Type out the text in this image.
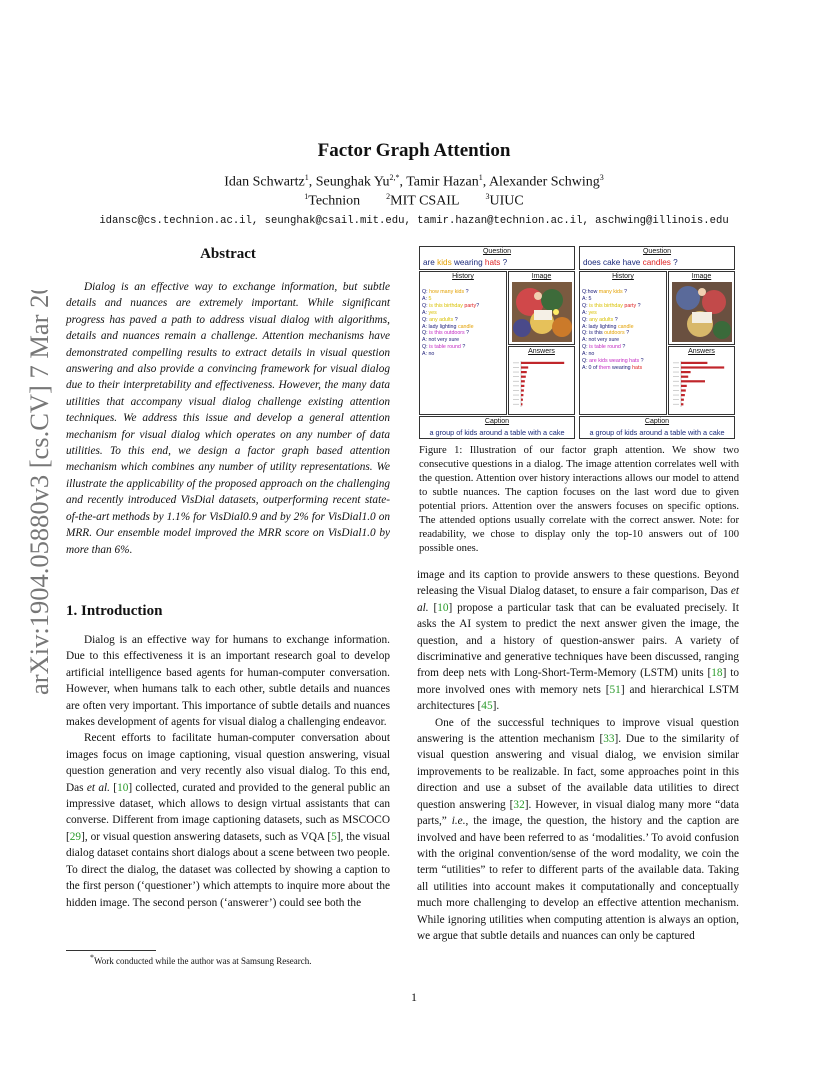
arXiv:1904.05880v3 [cs.CV] 7 Mar 2020
Factor Graph Attention
Idan Schwartz$^1$, Seunghak $Yu^{2,*}$, Tamir Hazan$^1$, Alexander Schwing$^3$
$^1$Technion	$^2$MIT CSAIL	$^3$UIUC
idansc@cs.technion.ac.il, seunghak@csail.mit.edu, tamir.hazan@technion.ac.il, aschwing@illinois.edu
Abstract

Dialog is an effective way to exchange information, but subtle details and nuances are extremely important. While significant progress has paved a path to address visual dialog with algorithms, details and nuances remain a challenge. Attention mechanisms have demonstrated compelling results to extract details in visual question answering and also provide a convincing framework for visual dialog due to their interpretability and effectiveness. However, the many data utilities that accompany visual dialog challenge existing attention techniques. We address this issue and develop a general attention mechanism for visual dialog which operates on any number of data utilities. To this end, we design a factor graph based attention mechanism which combines any number of utility representations. We illustrate the applicability of the proposed approach on the challenging and recently introduced VisDial datasets, outperforming recent state-of-the-art methods by 1.1% for VisDial0.9 and by 2% for VisDial1.0 on MRR. Our ensemble model improved the MRR score on VisDial1.0 by more than 6%.

1. Introduction

Dialog is an effective way for humans to exchange information. Due to this effectiveness it is an important research goal to develop artificial intelligence based agents for human-computer conversation. However, when humans talk to each other, subtle details and nuances are often very important. This importance of subtle details and nuances makes development of agents for visual dialog a challenging endeavor.

Recent efforts to facilitate human-computer conversation about images focus on image captioning, visual question answering, visual question generation and very recently also visual dialog. To this end, Das et al. [10] collected, curated and provided to the general public an impressive dataset, which allows to design virtual assistants that can converse. Different from image captioning datasets, such as MSCOCO [29], or visual question answering datasets, such as VQA [5], the visual dialog dataset contains short dialogs about a scene between two people. To direct the dialog, the dataset was collected by showing a caption to the first person (‘questioner’) which attempts to inquire more about the hidden image. The second person (‘answerer’) could see both the

*Work conducted while the author was at Samsung Research.
1
Question
are kids wearing hats ?
History
Q: how many kids ?
A: 5
Q: is this birthday party?
A: yes
Q: any adults ?
A: lady lighting candle
Q: is this outdoors ?
A: not very sure
Q: is table round ?
A: no
Image
Answers
Caption
a group of kids around a table with a cake
Question
does cake have candles ?
History
Q:how many kids ?
A: 5
Q: is this birthday party ?
A: yes
Q: any adults ?
A: lady lighting candle
Q: is this outdoors ?
A: not very sure
Q: is table round ?
A: no
Q: are kids wearing hats ?
A: 0 of them wearing hats
Image
Answers
Caption
a group of kids around a table with a cake
Figure 1: Illustration of our factor graph attention. We show two consecutive questions in a dialog. The image attention correlates well with the question. Attention over history interactions allows our model to attend to subtle nuances. The caption focuses on the last word due to given potential priors. Attention over the answers focuses on specific options. The attended options usually correlate with the correct answer. Note: for readability, we chose to display only the top-10 answers out of 100 possible ones.

image and its caption to provide answers to these questions. Beyond releasing the Visual Dialog dataset, to ensure a fair comparison, Das et al. [10] propose a particular task that can be evaluated precisely. It asks the AI system to predict the next answer given the image, the question, and a history of question-answer pairs. A variety of discriminative and generative techniques have been discussed, ranging from deep nets with Long-Short-Term-Memory (LSTM) units [18] to more involved ones with memory nets [51] and hierarchical LSTM architectures [45].

One of the successful techniques to improve visual question answering is the attention mechanism [33]. Due to the similarity of visual question answering and visual dialog, we envision similar improvements to be realizable. In fact, some approaches point in this direction and use a subset of the available data utilities to direct question answering [32]. However, in visual dialog many more “data parts,” i.e., the image, the question, the history and the caption are involved and have been referred to as ‘modalities.’ To avoid confusion with the original convention/sense of the word modality, we coin the term “utilities” to refer to different parts of the available data. Taking all utilities into account makes it computationally and conceptually much more challenging to develop an effective attention mechanism. While ignoring utilities when computing attention is always an option, we argue that subtle details and nuances can only be captured
